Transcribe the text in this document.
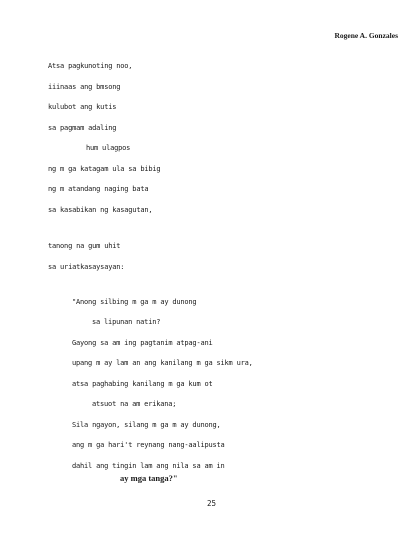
Rogene A. Gonzales
Atsa pagkunoting noo,
iiinaas ang bmsong
kulubot ang kutis
sa pagmam adaling
hum ulagpos
ng m ga katagam ula sa bibig
ng m atandang naging bata
sa kasabikan ng kasagutan,
tanong na gum uhit
sa uriatkasaysayan:
"Anong silbing m ga m ay dunong
sa lipunan natin?
Gayong sa am ing pagtanim atpag-ani
upang m ay lam an ang kanilang m ga sikm ura,
atsa paghabing kanilang m ga kum ot
atsuot na am erikana;
Sila ngayon, silang m ga m ay dunong,
ang m ga hari't reynang nang-aalipusta
dahil ang tingin lam ang nila sa am in
ay mga tanga?"
25
